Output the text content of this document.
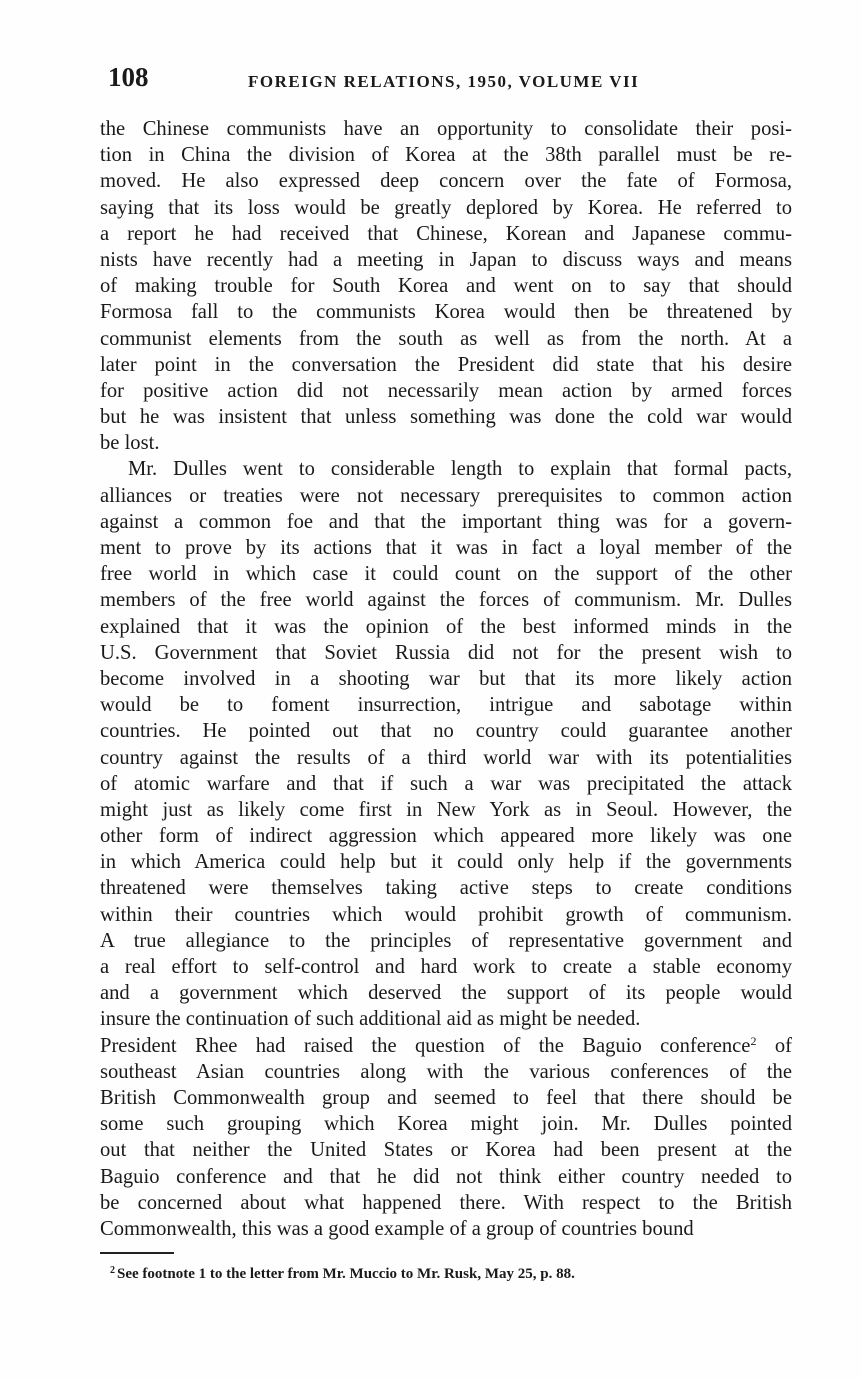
108	FOREIGN RELATIONS, 1950, VOLUME VII
the Chinese communists have an opportunity to consolidate their posi-
tion in China the division of Korea at the 38th parallel must be re-
moved. He also expressed deep concern over the fate of Formosa,
saying that its loss would be greatly deplored by Korea. He referred to
a report he had received that Chinese, Korean and Japanese commu-
nists have recently had a meeting in Japan to discuss ways and means
of making trouble for South Korea and went on to say that should
Formosa fall to the communists Korea would then be threatened by
communist elements from the south as well as from the north. At a
later point in the conversation the President did state that his desire
for positive action did not necessarily mean action by armed forces
but he was insistent that unless something was done the cold war would
be lost.
Mr. Dulles went to considerable length to explain that formal pacts,
alliances or treaties were not necessary prerequisites to common action
against a common foe and that the important thing was for a govern-
ment to prove by its actions that it was in fact a loyal member of the
free world in which case it could count on the support of the other
members of the free world against the forces of communism. Mr. Dulles
explained that it was the opinion of the best informed minds in the
U.S. Government that Soviet Russia did not for the present wish to
become involved in a shooting war but that its more likely action
would be to foment insurrection, intrigue and sabotage within
countries. He pointed out that no country could guarantee another
country against the results of a third world war with its potentialities
of atomic warfare and that if such a war was precipitated the attack
might just as likely come first in New York as in Seoul. However, the
other form of indirect aggression which appeared more likely was one
in which America could help but it could only help if the governments
threatened were themselves taking active steps to create conditions
within their countries which would prohibit growth of communism.
A true allegiance to the principles of representative government and
a real effort to self-control and hard work to create a stable economy
and a government which deserved the support of its people would
insure the continuation of such additional aid as might be needed.
President Rhee had raised the question of the Baguio conference$^2$ of
southeast Asian countries along with the various conferences of the
British Commonwealth group and seemed to feel that there should be
some such grouping which Korea might join. Mr. Dulles pointed
out that neither the United States or Korea had been present at the
Baguio conference and that he did not think either country needed to
be concerned about what happened there. With respect to the British
Commonwealth, this was a good example of a group of countries bound
$^2$ See footnote 1 to the letter from Mr. Muccio to Mr. Rusk, May 25, p. 88.
